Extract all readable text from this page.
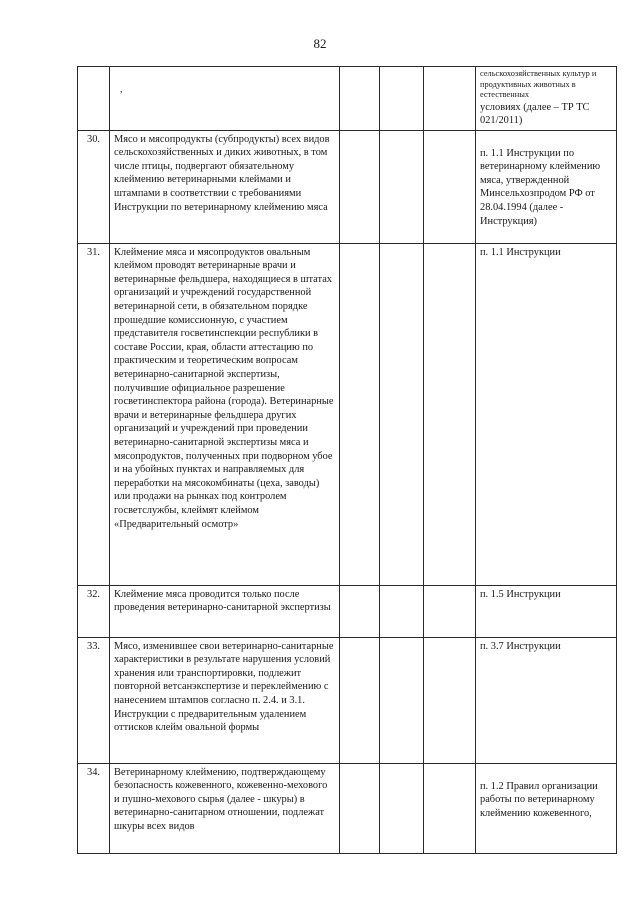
82

	,				сельскохозяйственных культур и продуктивных животных в естественных
условиях (далее – ТР ТС 021/2011)

30.	Мясо и мясопродукты (субпродукты) всех видов сельскохозяйственных и диких животных, в том числе птицы, подвергают обязательному клеймению ветеринарными клеймами и штампами в соответствии с требованиями Инструкции по ветеринарному клеймению мяса				п. 1.1 Инструкции по ветеринарному клеймению мяса, утвержденной Минсельхозпродом РФ от 28.04.1994 (далее - Инструкция)
31.	Клеймение мяса и мясопродуктов овальным клеймом проводят ветеринарные врачи и ветеринарные фельдшера, находящиеся в штатах организаций и учреждений государственной ветеринарной сети, в обязательном порядке прошедшие комиссионную, с участием представителя госветинспекции республики в составе России, края, области аттестацию по практическим и теоретическим вопросам ветеринарно-санитарной экспертизы, получившие официальное разрешение госветинспектора района (города). Ветеринарные врачи и ветеринарные фельдшера других организаций и учреждений при проведении ветеринарно-санитарной экспертизы мяса и мясопродуктов, полученных при подворном убое и на убойных пунктах и направляемых для переработки на мясокомбинаты (цеха, заводы) или продажи на рынках под контролем госветслужбы, клеймят клеймом «Предварительный осмотр»				п. 1.1 Инструкции
32.	Клеймение мяса проводится только после проведения ветеринарно-санитарной экспертизы				п. 1.5 Инструкции
33.	Мясо, изменившее свои ветеринарно-санитарные характеристики в результате нарушения условий хранения или транспортировки, подлежит повторной ветсанэкспертизе и переклеймению с нанесением штампов согласно п. 2.4. и 3.1. Инструкции с предварительным удалением оттисков клейм овальной формы				п. 3.7 Инструкции
34.	Ветеринарному клеймению, подтверждающему безопасность кожевенного, кожевенно-мехового и пушно-мехового сырья (далее - шкуры) в ветеринарно-санитарном отношении, подлежат шкуры всех видов				п. 1.2 Правил организации работы по ветеринарному клеймению кожевенного,
